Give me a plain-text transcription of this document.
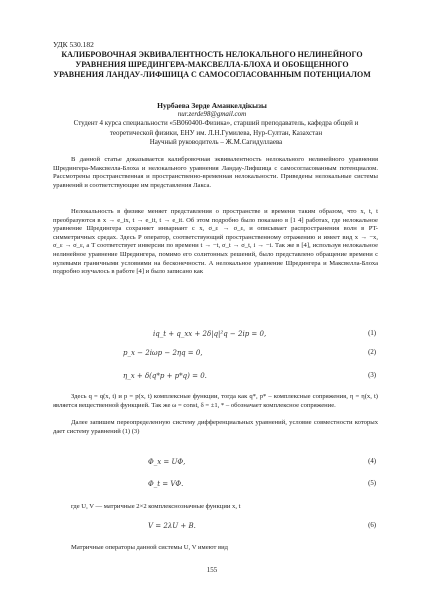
УДК 530.182
КАЛИБРОВОЧНАЯ ЭКВИВАЛЕНТНОСТЬ НЕЛОКАЛЬНОГО НЕЛИНЕЙНОГО УРАВНЕНИЯ ШРЕДИНГЕРА-МАКСВЕЛЛА-БЛОХА И ОБОБЩЕННОГО УРАВНЕНИЯ ЛАНДАУ-ЛИФШИЦА С САМОСОГЛАСОВАННЫМ ПОТЕНЦИАЛОМ
Нурбаева Зерде Аманкелдікызы
nur.zerde98@gmail.com
Студент 4 курса специальности «5В060400-Физика», старший преподаватель, кафедра общей и теоретической физики, ЕНУ им. Л.Н.Гумилева, Нур-Султан, Казахстан
Научный руководитель – Ж.М.Сагидуллаева
В данной статье доказывается калибровочная эквивалентность нелокального нелинейного уравнения Шредингера-Максвелла-Блоха и нелокального уравнения Ландау-Лифшица с самосогласованным потенциалом. Рассмотрены пространственная и пространственно-временная нелокальности. Приведены нелокальные системы уравнений и соответствующие им представления Лакса.
Нелокальность в физике меняет представления о пространстве и времени таким образом, что x, t, t преобразуются в x → e_ix, t → e_it, t → e_it. Об этом подробно было показано в [1 4] работах, где нелокальное уравнение Шредингера сохраняет инвариант c x, σ_ε → σ_ε, и описывает распространения волн в PT-симметричных средах. Здесь P оператор, соответствующий пространственному отражению и имеет вид x → −x, σ_ε → σ_ε, а T соответствует инверсии по времени t → −t, σ_t → σ_t, i → −i. Так же в [4], используя нелокальное нелинейное уравнение Шредингера, помимо его солитонных решений, было представлено обращение времени с нулевыми граничными условиями на бесконечности. А нелокальное уравнение Шредингера и Максвелла-Блоха подробно изучалось в работе [4] и было записано как
iq_t + q_xx + 2δ|q|²q − 2ip = 0,	(1)
p_x − 2iωp − 2ηq = 0,	(2)
η_x + δ(q*p + p*q) = 0.	(3)
Здесь q = q(x, t) и p = p(x, t) комплексные функции, тогда как q*, p* – комплексные сопряжения, η = η(x, t) является вещественной функцией. Так же ω = const, δ = ±1, * – обозначает комплексное сопряжение.
Далее запишем переопределенную систему дифференциальных уравнений, условие совместности которых дает систему уравнений (1) (3)
Φ_x = UΦ,	(4)
Φ_t = VΦ.	(5)
где U, V — матричные 2×2 комплекснозначные функции x, t
V = 2λU + B.	(6)
Матричные операторы данной системы U, V имеют вид
155
